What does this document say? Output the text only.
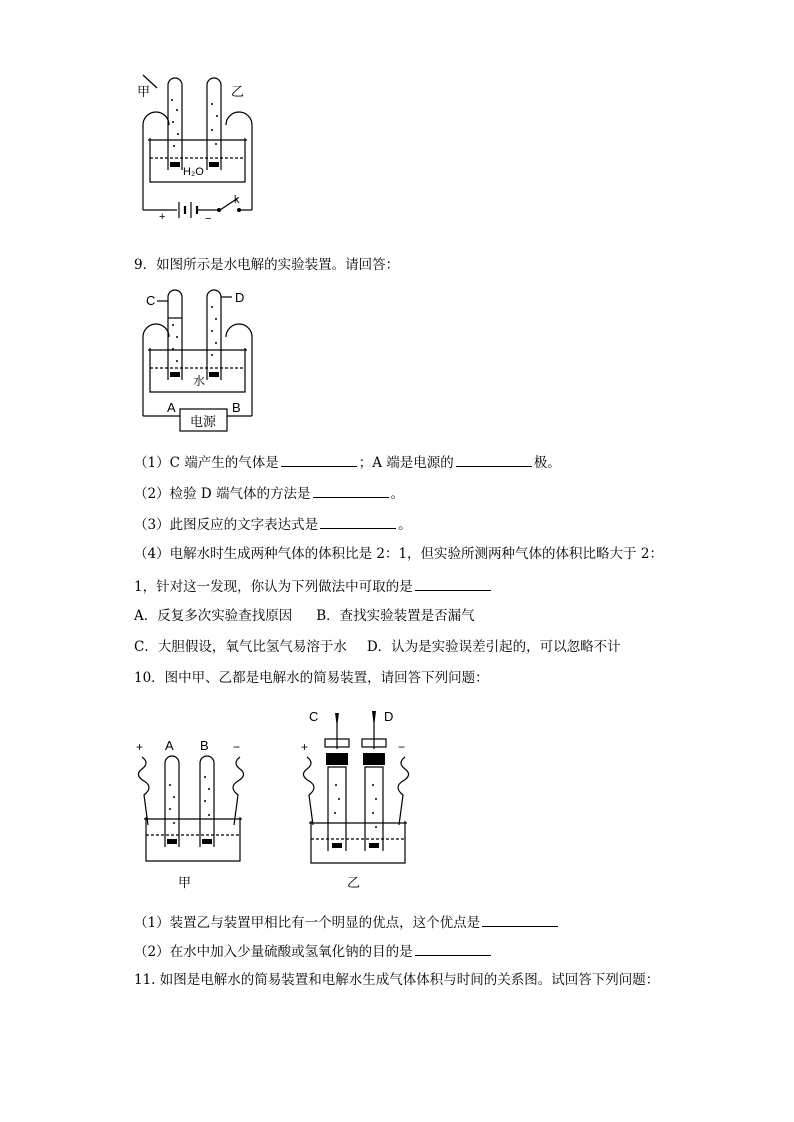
甲	乙
H₂O
+	−
k
9．如图所示是水电解的实验装置。请回答：
C	D
水
A	B
电源
（1）C 端产生的气体是	；A 端是电源的	极。
（2）检验 D 端气体的方法是	。
（3）此图反应的文字表达式是	。
（4）电解水时生成两种气体的体积比是 2：1，但实验所测两种气体的体积比略大于 2：
1，针对这一发现，你认为下列做法中可取的是
A．反复多次实验查找原因 B．查找实验装置是否漏气
C．大胆假设，氧气比氢气易溶于水 D．认为是实验误差引起的，可以忽略不计
10．图中甲、乙都是电解水的简易装置，请回答下列问题：
+ A B −
甲
C	D
+	−
乙
（1）装置乙与装置甲相比有一个明显的优点，这个优点是
（2）在水中加入少量硫酸或氢氧化钠的目的是
11. 如图是电解水的简易装置和电解水生成气体体积与时间的关系图。试回答下列问题：
